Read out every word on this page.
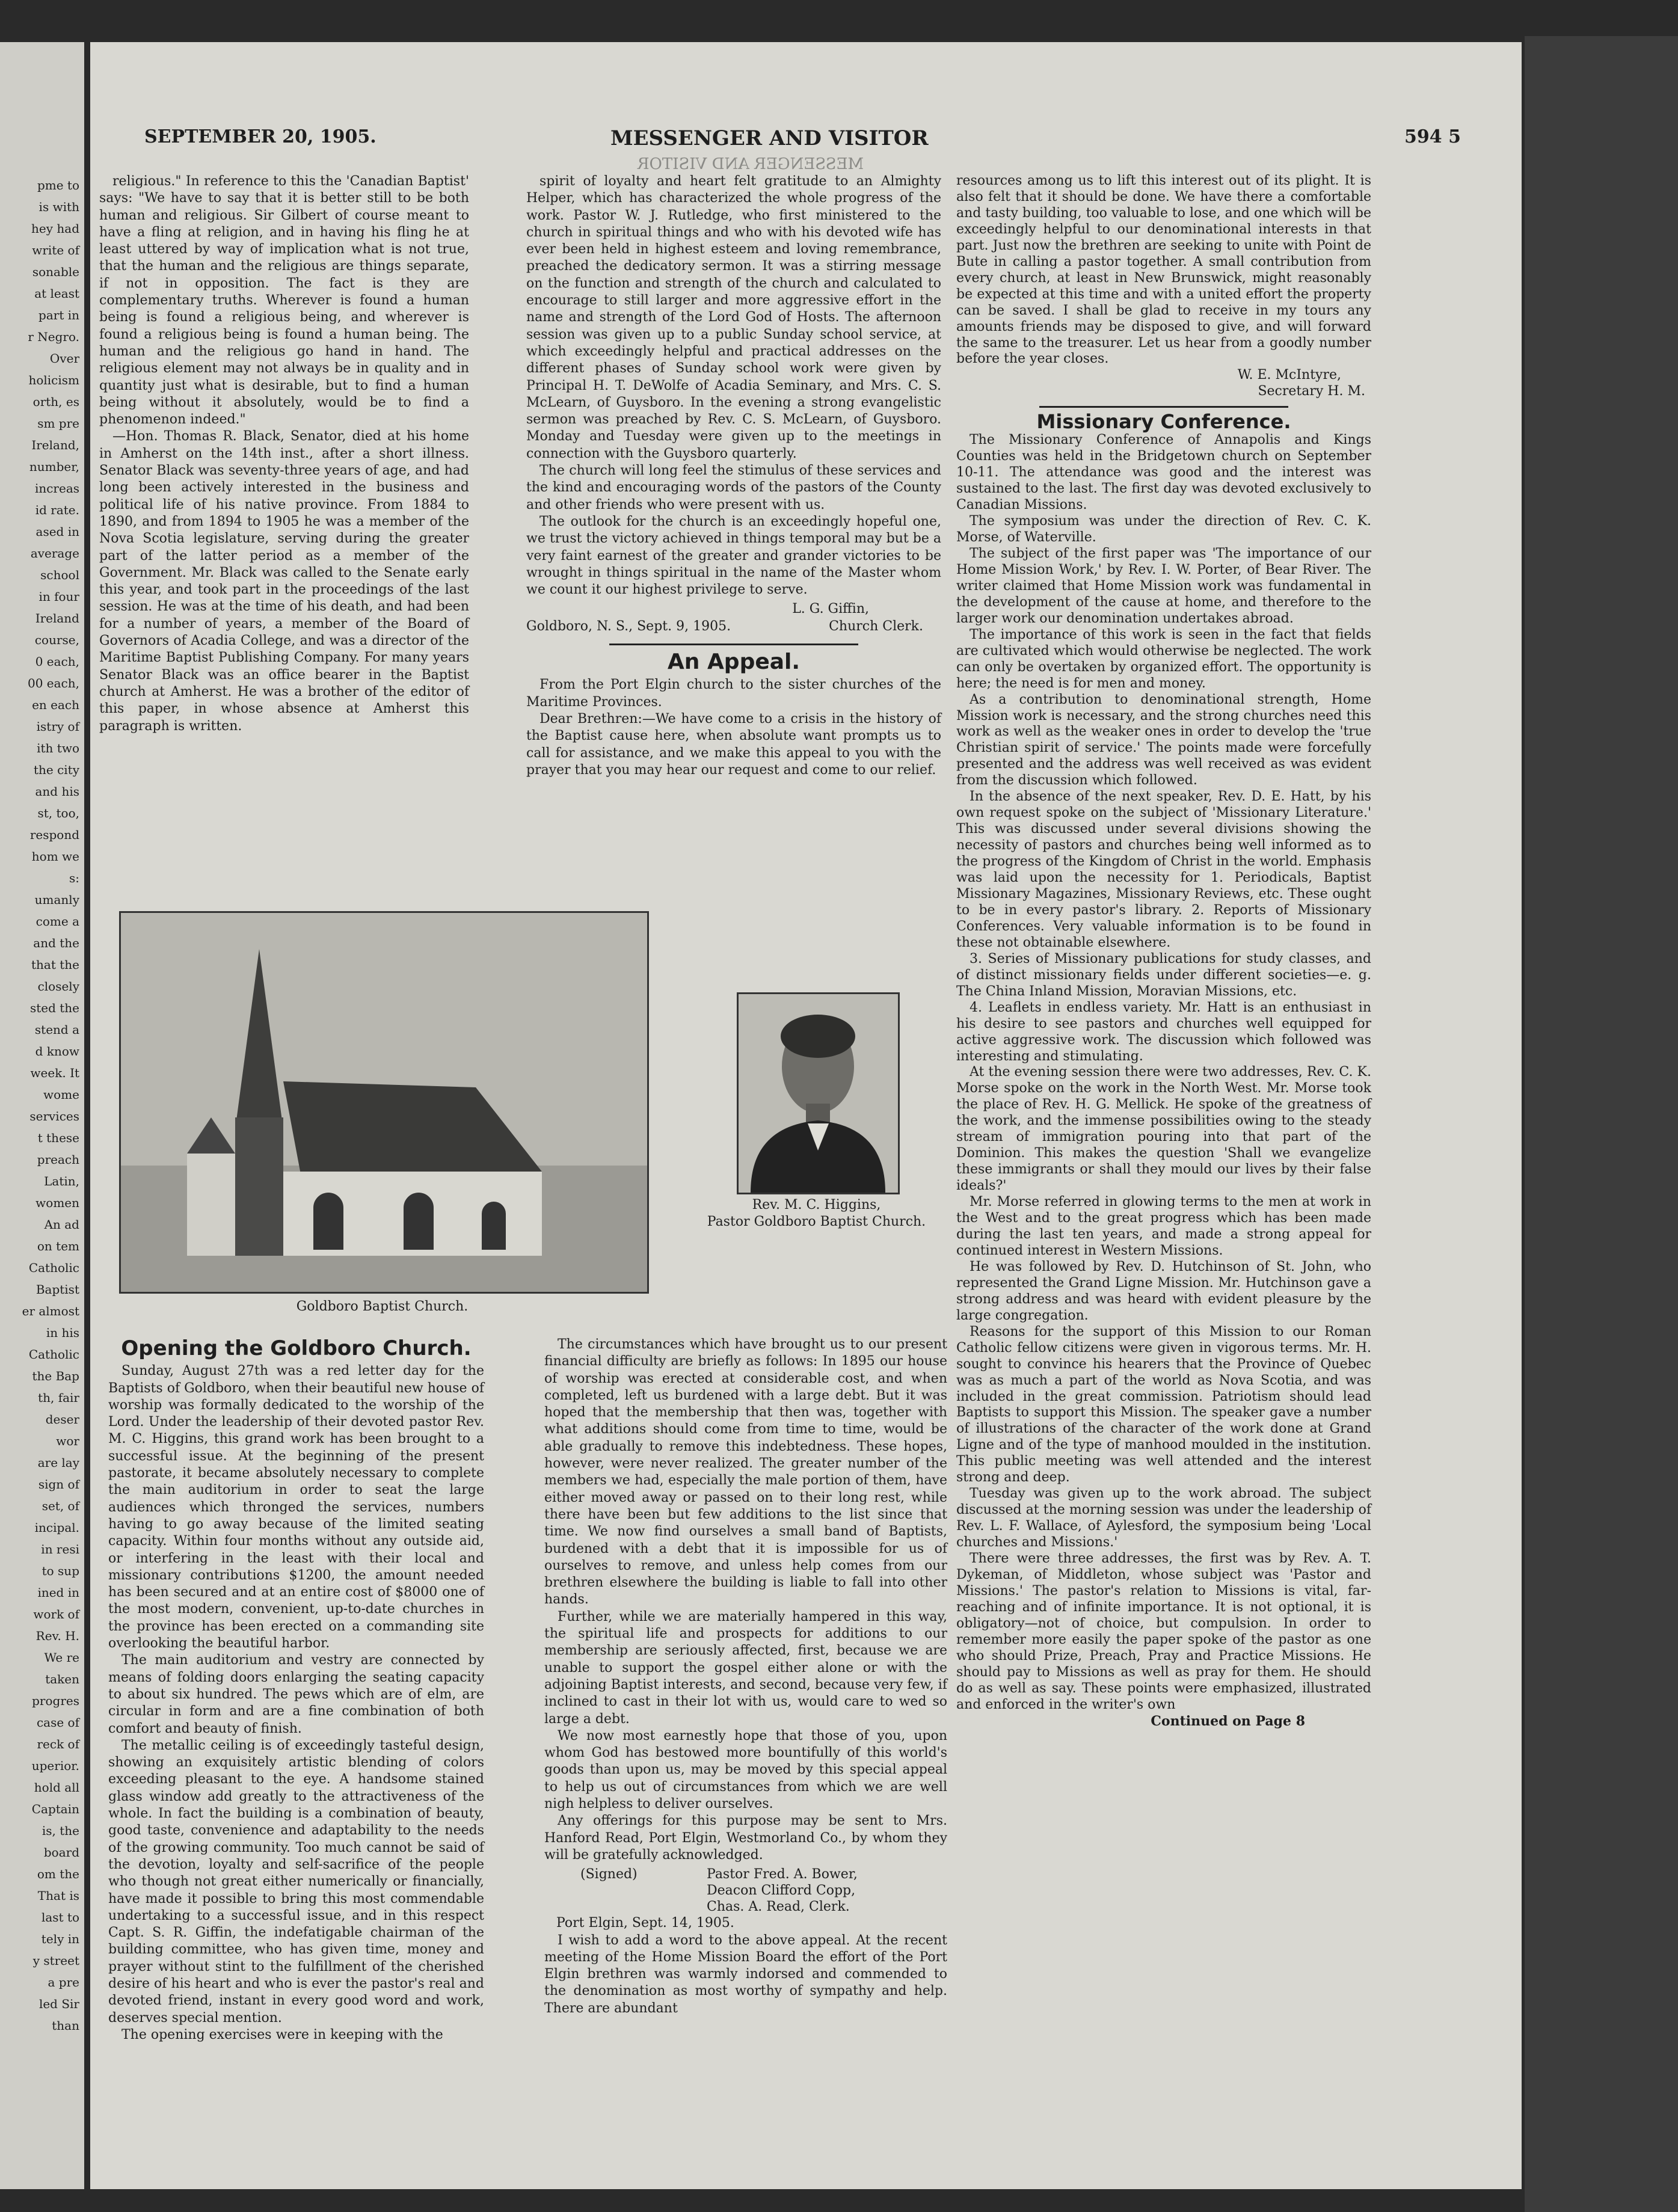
pme to
is with
hey had
write of
sonable
at least
part in
r Negro.
Over
holicism
orth, es
sm pre
Ireland,
number,
increas
id rate.
ased in
average
school
in four
Ireland
course,
0 each,
00 each,
en each
istry of
ith two
the city
and his
st, too,
respond
hom we
s:
umanly
come a
and the
that the
closely
sted the
stend a
d know
week. It
wome
services
t these
preach
Latin,
women
An ad
on tem
Catholic
Baptist
er almost
in his
Catholic
the Bap
th, fair
deser
wor
are lay
sign of
set, of
incipal.
in resi
to sup
ined in
work of
Rev. H.
We re
taken
progres
case of
reck of
uperior.
hold all
Captain
is, the
board
om the
That is
last to
tely in
y street
a pre
led Sir
than
SEPTEMBER 20, 1905.	MESSENGER AND VISITOR	594 5
MESSENGER AND VISITOR

religious." In reference to this the 'Canadian Baptist' says: "We have to say that it is better still to be both human and religious. Sir Gilbert of course meant to have a fling at religion, and in having his fling he at least uttered by way of implication what is not true, that the human and the religious are things separate, if not in opposition. The fact is they are complementary truths. Wherever is found a human being is found a religious being, and wherever is found a religious being is found a human being. The human and the religious go hand in hand. The religious element may not always be in quality and in quantity just what is desirable, but to find a human being without it absolutely, would be to find a phenomenon indeed."

—Hon. Thomas R. Black, Senator, died at his home in Amherst on the 14th inst., after a short illness. Senator Black was seventy-three years of age, and had long been actively interested in the business and political life of his native province. From 1884 to 1890, and from 1894 to 1905 he was a member of the Nova Scotia legislature, serving during the greater part of the latter period as a member of the Government. Mr. Black was called to the Senate early this year, and took part in the proceedings of the last session. He was at the time of his death, and had been for a number of years, a member of the Board of Governors of Acadia College, and was a director of the Maritime Baptist Publishing Company. For many years Senator Black was an office bearer in the Baptist church at Amherst. He was a brother of the editor of this paper, in whose absence at Amherst this paragraph is written.

spirit of loyalty and heart felt gratitude to an Almighty Helper, which has characterized the whole progress of the work. Pastor W. J. Rutledge, who first ministered to the church in spiritual things and who with his devoted wife has ever been held in highest esteem and loving remembrance, preached the dedicatory sermon. It was a stirring message on the function and strength of the church and calculated to encourage to still larger and more aggressive effort in the name and strength of the Lord God of Hosts. The afternoon session was given up to a public Sunday school service, at which exceedingly helpful and practical addresses on the different phases of Sunday school work were given by Principal H. T. DeWolfe of Acadia Seminary, and Mrs. C. S. McLearn, of Guysboro. In the evening a strong evangelistic sermon was preached by Rev. C. S. McLearn, of Guysboro. Monday and Tuesday were given up to the meetings in connection with the Guysboro quarterly.

The church will long feel the stimulus of these services and the kind and encouraging words of the pastors of the County and other friends who were present with us.

The outlook for the church is an exceedingly hopeful one, we trust the victory achieved in things temporal may but be a very faint earnest of the greater and grander victories to be wrought in things spiritual in the name of the Master whom we count it our highest privilege to serve.

L. G. Giffin,
Goldboro, N. S., Sept. 9, 1905.	Church Clerk.
An Appeal.

From the Port Elgin church to the sister churches of the Maritime Provinces.

Dear Brethren:—We have come to a crisis in the history of the Baptist cause here, when absolute want prompts us to call for assistance, and we make this appeal to you with the prayer that you may hear our request and come to our relief.

Goldboro Baptist Church.
Rev. M. C. Higgins,
Pastor Goldboro Baptist Church.
Opening the Goldboro Church.

Sunday, August 27th was a red letter day for the Baptists of Goldboro, when their beautiful new house of worship was formally dedicated to the worship of the Lord. Under the leadership of their devoted pastor Rev. M. C. Higgins, this grand work has been brought to a successful issue. At the beginning of the present pastorate, it became absolutely necessary to complete the main auditorium in order to seat the large audiences which thronged the services, numbers having to go away because of the limited seating capacity. Within four months without any outside aid, or interfering in the least with their local and missionary contributions $1200, the amount needed has been secured and at an entire cost of $8000 one of the most modern, convenient, up-to-date churches in the province has been erected on a commanding site overlooking the beautiful harbor.

The main auditorium and vestry are connected by means of folding doors enlarging the seating capacity to about six hundred. The pews which are of elm, are circular in form and are a fine combination of both comfort and beauty of finish.

The metallic ceiling is of exceedingly tasteful design, showing an exquisitely artistic blending of colors exceeding pleasant to the eye. A handsome stained glass window add greatly to the attractiveness of the whole. In fact the building is a combination of beauty, good taste, convenience and adaptability to the needs of the growing community. Too much cannot be said of the devotion, loyalty and self-sacrifice of the people who though not great either numerically or financially, have made it possible to bring this most commendable undertaking to a successful issue, and in this respect Capt. S. R. Giffin, the indefatigable chairman of the building committee, who has given time, money and prayer without stint to the fulfillment of the cherished desire of his heart and who is ever the pastor's real and devoted friend, instant in every good word and work, deserves special mention.

The opening exercises were in keeping with the

The circumstances which have brought us to our present financial difficulty are briefly as follows: In 1895 our house of worship was erected at considerable cost, and when completed, left us burdened with a large debt. But it was hoped that the membership that then was, together with what additions should come from time to time, would be able gradually to remove this indebtedness. These hopes, however, were never realized. The greater number of the members we had, especially the male portion of them, have either moved away or passed on to their long rest, while there have been but few additions to the list since that time. We now find ourselves a small band of Baptists, burdened with a debt that it is impossible for us of ourselves to remove, and unless help comes from our brethren elsewhere the building is liable to fall into other hands.

Further, while we are materially hampered in this way, the spiritual life and prospects for additions to our membership are seriously affected, first, because we are unable to support the gospel either alone or with the adjoining Baptist interests, and second, because very few, if inclined to cast in their lot with us, would care to wed so large a debt.

We now most earnestly hope that those of you, upon whom God has bestowed more bountifully of this world's goods than upon us, may be moved by this special appeal to help us out of circumstances from which we are well nigh helpless to deliver ourselves.

Any offerings for this purpose may be sent to Mrs. Hanford Read, Port Elgin, Westmorland Co., by whom they will be gratefully acknowledged.

(Signed)	Pastor Fred. A. Bower,
Deacon Clifford Copp,
Chas. A. Read, Clerk.
Port Elgin, Sept. 14, 1905.

I wish to add a word to the above appeal. At the recent meeting of the Home Mission Board the effort of the Port Elgin brethren was warmly indorsed and commended to the denomination as most worthy of sympathy and help. There are abundant

resources among us to lift this interest out of its plight. It is also felt that it should be done. We have there a comfortable and tasty building, too valuable to lose, and one which will be exceedingly helpful to our denominational interests in that part. Just now the brethren are seeking to unite with Point de Bute in calling a pastor together. A small contribution from every church, at least in New Brunswick, might reasonably be expected at this time and with a united effort the property can be saved. I shall be glad to receive in my tours any amounts friends may be disposed to give, and will forward the same to the treasurer. Let us hear from a goodly number before the year closes.

W. E. McIntyre,
Secretary H. M.
Missionary Conference.

The Missionary Conference of Annapolis and Kings Counties was held in the Bridgetown church on September 10-11. The attendance was good and the interest was sustained to the last. The first day was devoted exclusively to Canadian Missions.

The symposium was under the direction of Rev. C. K. Morse, of Waterville.

The subject of the first paper was 'The importance of our Home Mission Work,' by Rev. I. W. Porter, of Bear River. The writer claimed that Home Mission work was fundamental in the development of the cause at home, and therefore to the larger work our denomination undertakes abroad.

The importance of this work is seen in the fact that fields are cultivated which would otherwise be neglected. The work can only be overtaken by organized effort. The opportunity is here; the need is for men and money.

As a contribution to denominational strength, Home Mission work is necessary, and the strong churches need this work as well as the weaker ones in order to develop the 'true Christian spirit of service.' The points made were forcefully presented and the address was well received as was evident from the discussion which followed.

In the absence of the next speaker, Rev. D. E. Hatt, by his own request spoke on the subject of 'Missionary Literature.' This was discussed under several divisions showing the necessity of pastors and churches being well informed as to the progress of the Kingdom of Christ in the world. Emphasis was laid upon the necessity for 1. Periodicals, Baptist Missionary Magazines, Missionary Reviews, etc. These ought to be in every pastor's library. 2. Reports of Missionary Conferences. Very valuable information is to be found in these not obtainable elsewhere.

3. Series of Missionary publications for study classes, and of distinct missionary fields under different societies—e. g. The China Inland Mission, Moravian Missions, etc.

4. Leaflets in endless variety. Mr. Hatt is an enthusiast in his desire to see pastors and churches well equipped for active aggressive work. The discussion which followed was interesting and stimulating.

At the evening session there were two addresses, Rev. C. K. Morse spoke on the work in the North West. Mr. Morse took the place of Rev. H. G. Mellick. He spoke of the greatness of the work, and the immense possibilities owing to the steady stream of immigration pouring into that part of the Dominion. This makes the question 'Shall we evangelize these immigrants or shall they mould our lives by their false ideals?'

Mr. Morse referred in glowing terms to the men at work in the West and to the great progress which has been made during the last ten years, and made a strong appeal for continued interest in Western Missions.

He was followed by Rev. D. Hutchinson of St. John, who represented the Grand Ligne Mission. Mr. Hutchinson gave a strong address and was heard with evident pleasure by the large congregation.

Reasons for the support of this Mission to our Roman Catholic fellow citizens were given in vigorous terms. Mr. H. sought to convince his hearers that the Province of Quebec was as much a part of the world as Nova Scotia, and was included in the great commission. Patriotism should lead Baptists to support this Mission. The speaker gave a number of illustrations of the character of the work done at Grand Ligne and of the type of manhood moulded in the institution. This public meeting was well attended and the interest strong and deep.

Tuesday was given up to the work abroad. The subject discussed at the morning session was under the leadership of Rev. L. F. Wallace, of Aylesford, the symposium being 'Local churches and Missions.'

There were three addresses, the first was by Rev. A. T. Dykeman, of Middleton, whose subject was 'Pastor and Missions.' The pastor's relation to Missions is vital, far-reaching and of infinite importance. It is not optional, it is obligatory—not of choice, but compulsion. In order to remember more easily the paper spoke of the pastor as one who should Prize, Preach, Pray and Practice Missions. He should pay to Missions as well as pray for them. He should do as well as say. These points were emphasized, illustrated and enforced in the writer's own

Continued on Page 8
